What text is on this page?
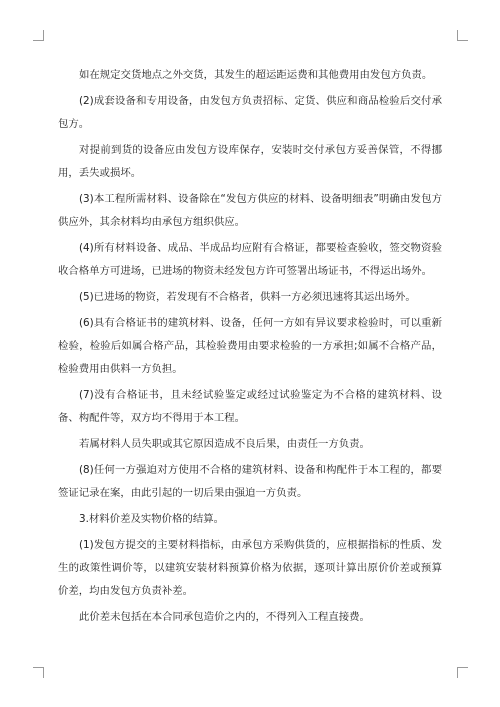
如在规定交货地点之外交货，其发生的超运距运费和其他费用由发包方负责。

(2)成套设备和专用设备，由发包方负责招标、定货、供应和商品检验后交付承包方。

对提前到货的设备应由发包方设库保存，安装时交付承包方妥善保管，不得挪用，丢失或损坏。

(3)本工程所需材料、设备除在“发包方供应的材料、设备明细表”明确由发包方供应外，其余材料均由承包方组织供应。

(4)所有材料设备、成品、半成品均应附有合格证，都要检查验收，签交物资验收合格单方可进场，已进场的物资未经发包方许可签署出场证书，不得运出场外。

(5)已进场的物资，若发现有不合格者，供料一方必须迅速将其运出场外。

(6)具有合格证书的建筑材料、设备，任何一方如有异议要求检验时，可以重新检验，检验后如属合格产品，其检验费用由要求检验的一方承担;如属不合格产品，检验费用由供料一方负担。

(7)没有合格证书，且未经试验鉴定或经过试验鉴定为不合格的建筑材料、设备、构配件等，双方均不得用于本工程。

若属材料人员失职或其它原因造成不良后果，由责任一方负责。

(8)任何一方强迫对方使用不合格的建筑材料、设备和构配件于本工程的，都要签证记录在案，由此引起的一切后果由强迫一方负责。

3.材料价差及实物价格的结算。

(1)发包方提交的主要材料指标，由承包方采购供货的，应根据指标的性质、发生的政策性调价等，以建筑安装材料预算价格为依据，逐项计算出原价价差或预算价差，均由发包方负责补差。

此价差未包括在本合同承包造价之内的，不得列入工程直接费。
